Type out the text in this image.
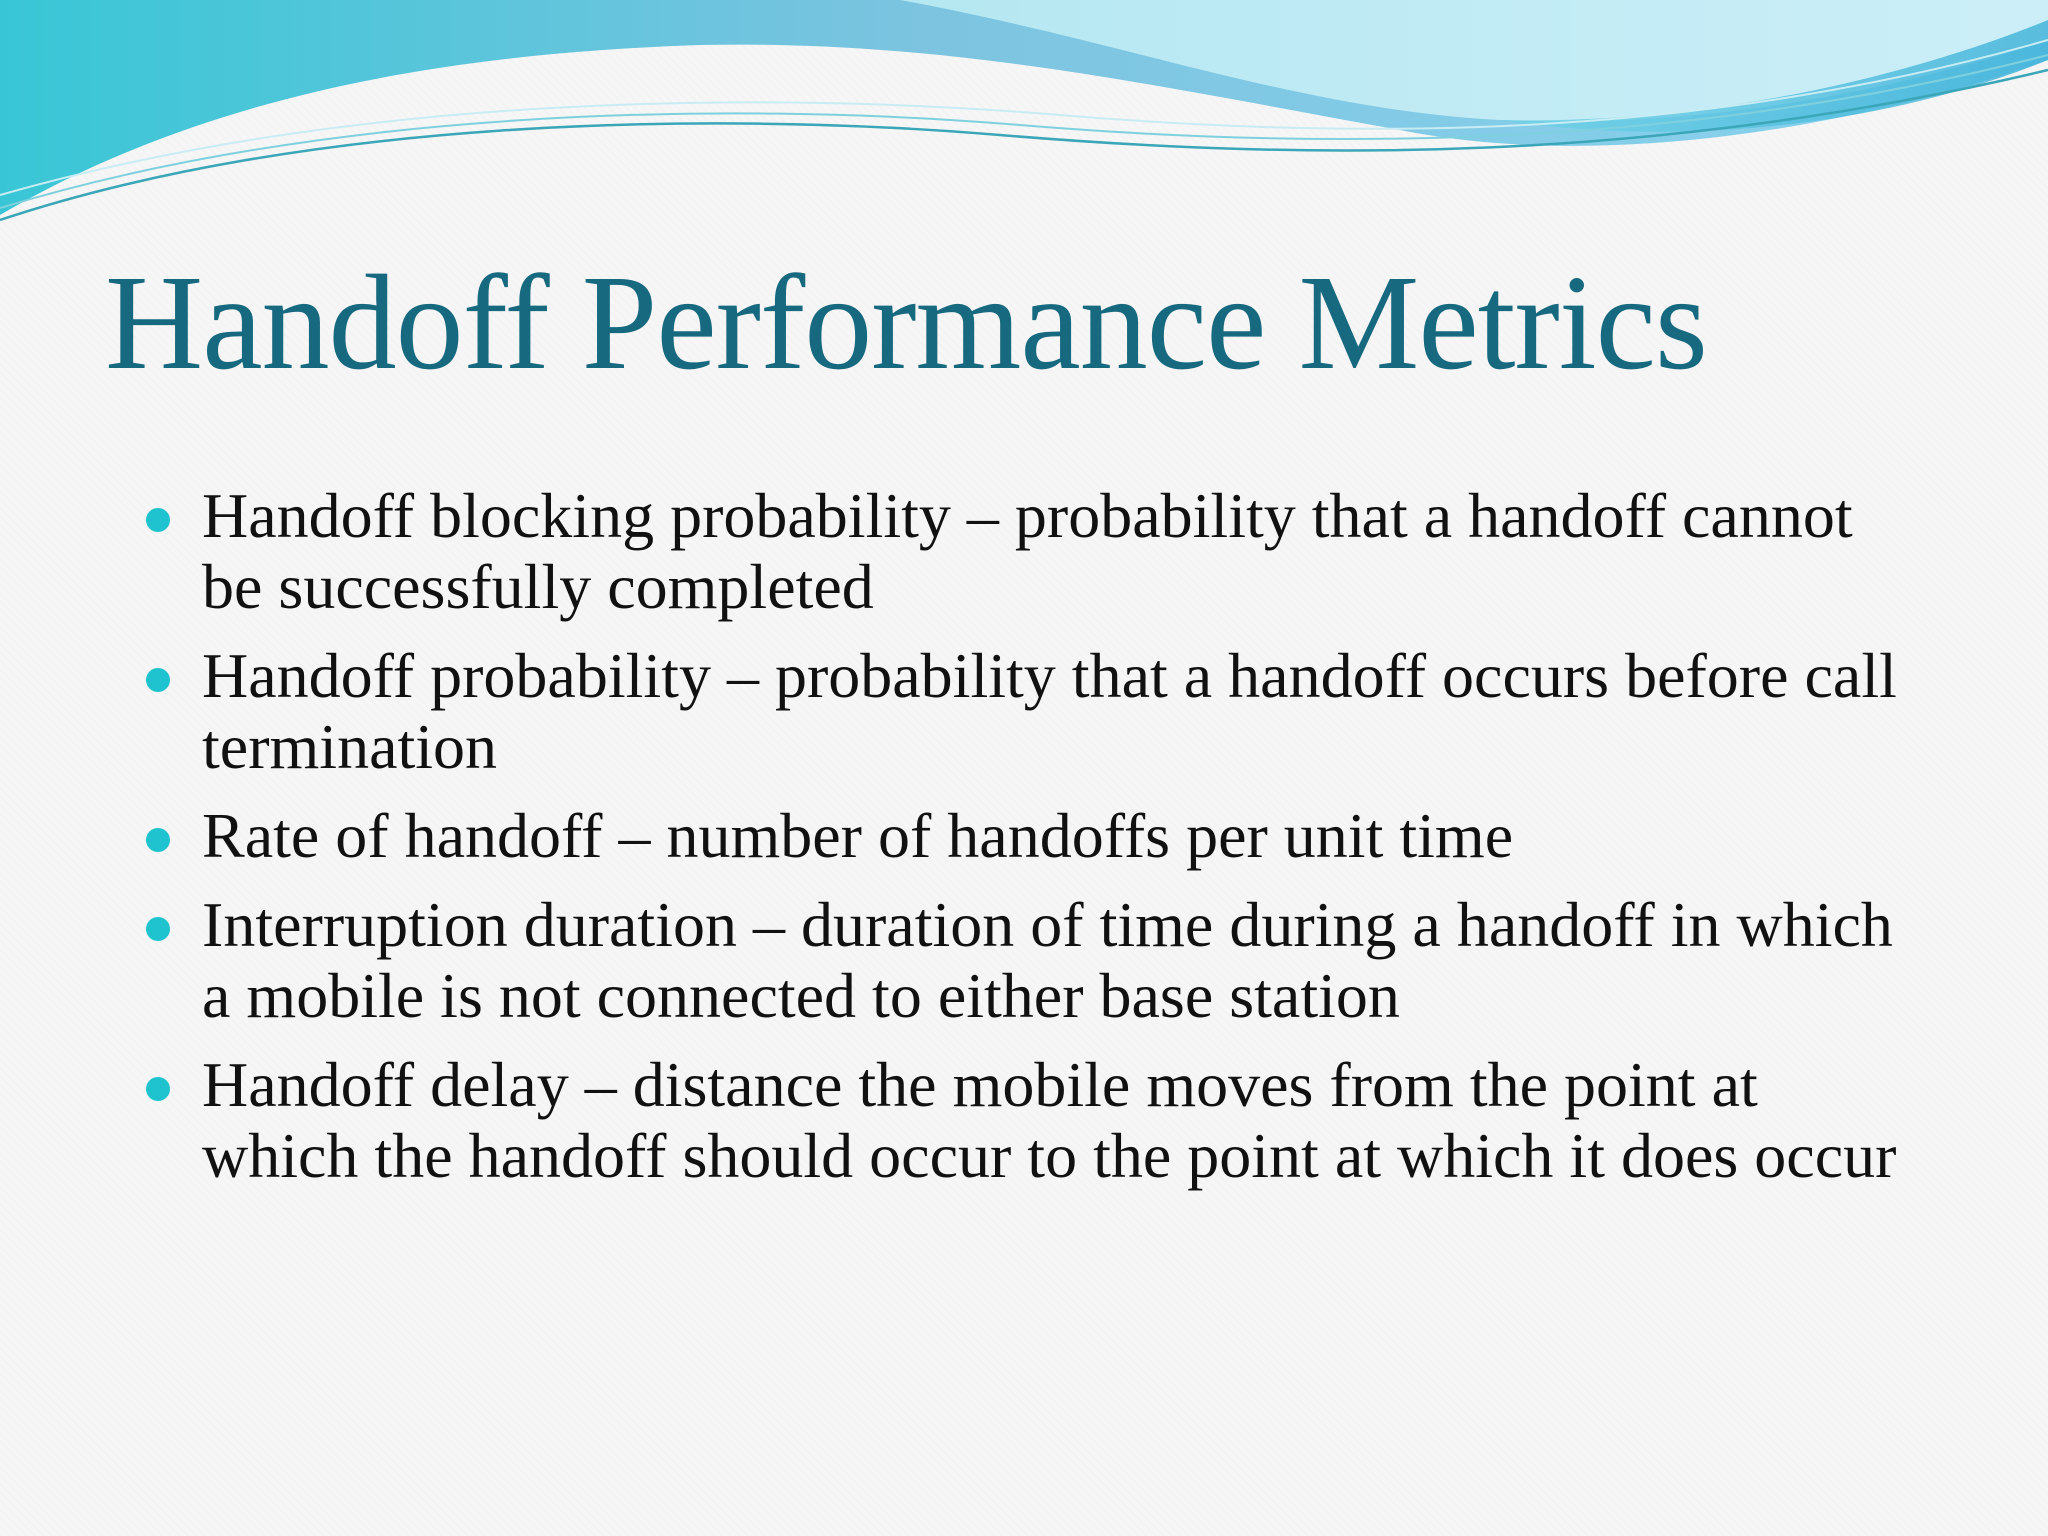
Handoff Performance Metrics
Handoff blocking probability – probability that a handoff cannot be successfully completed
Handoff probability – probability that a handoff occurs before call termination
Rate of handoff – number of handoffs per unit time
Interruption duration – duration of time during a handoff in which a mobile is not connected to either base station
Handoff delay – distance the mobile moves from the point at which the handoff should occur to the point at which it does occur
